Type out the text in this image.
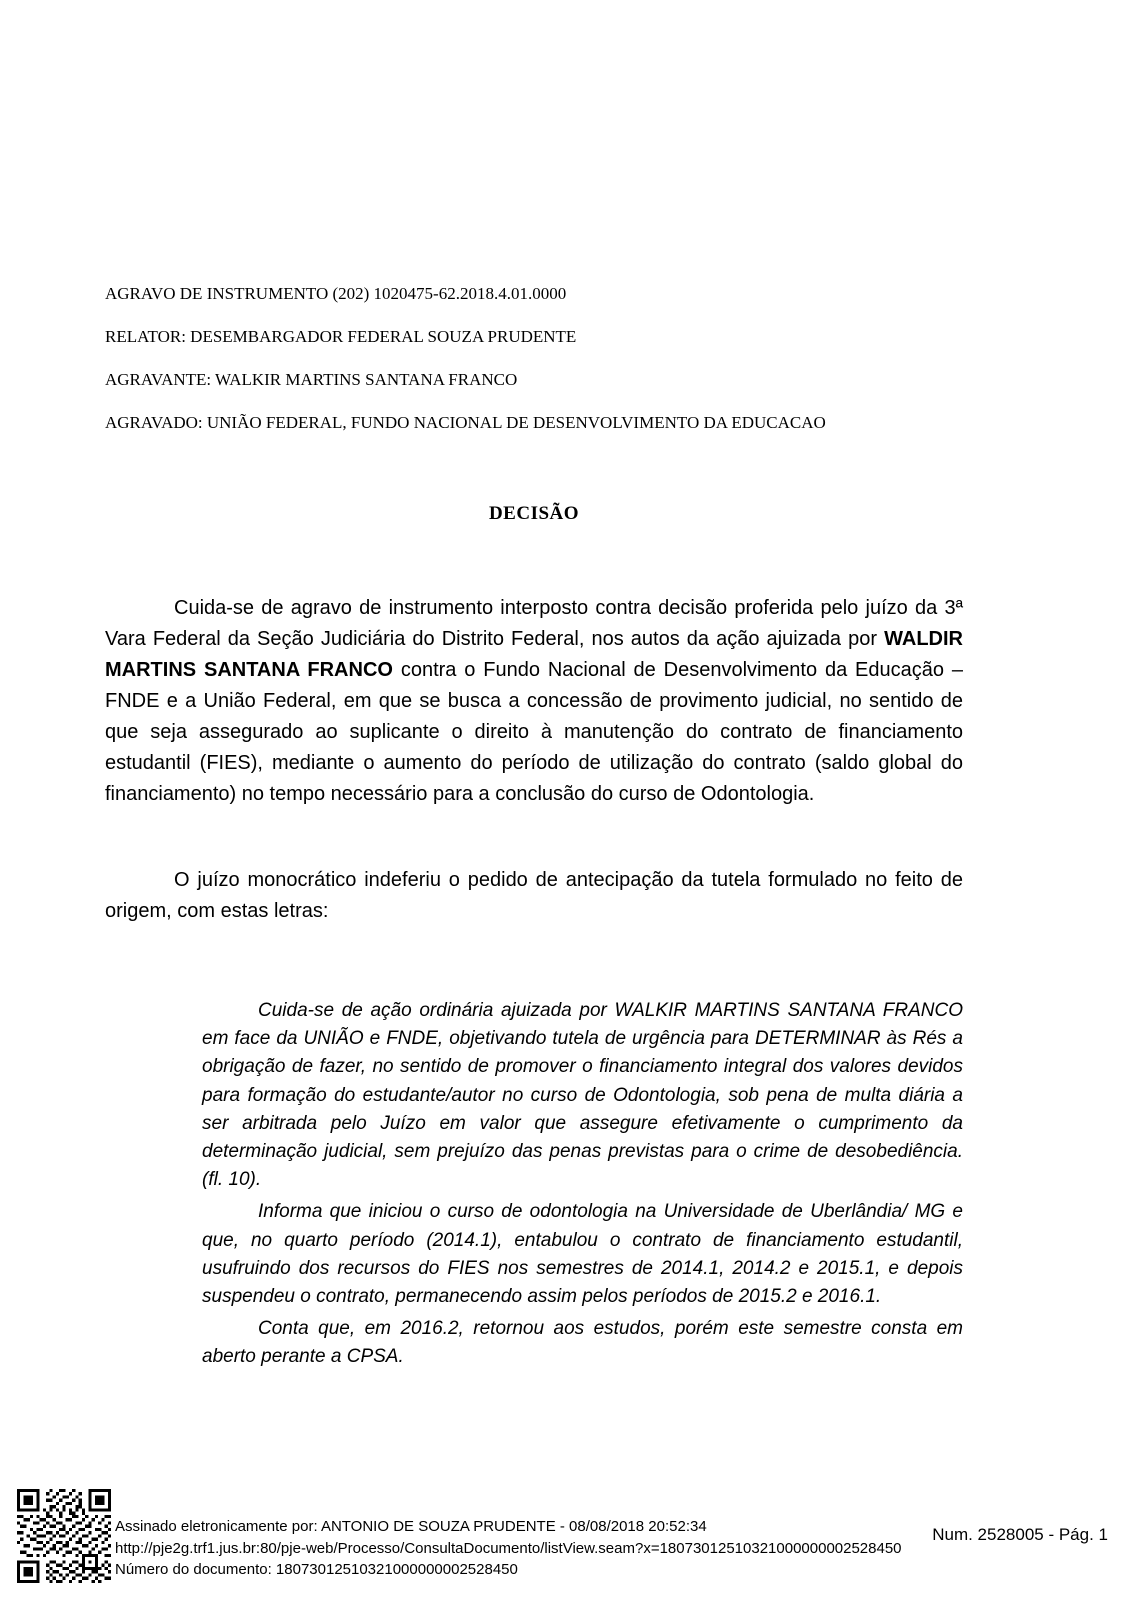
AGRAVO DE INSTRUMENTO (202) 1020475-62.2018.4.01.0000
RELATOR: DESEMBARGADOR FEDERAL SOUZA PRUDENTE
AGRAVANTE: WALKIR MARTINS SANTANA FRANCO
AGRAVADO: UNIÃO FEDERAL, FUNDO NACIONAL DE DESENVOLVIMENTO DA EDUCACAO
DECISÃO

Cuida-se de agravo de instrumento interposto contra decisão proferida pelo juízo da 3ª Vara Federal da Seção Judiciária do Distrito Federal, nos autos da ação ajuizada por WALDIR MARTINS SANTANA FRANCO contra o Fundo Nacional de Desenvolvimento da Educação – FNDE e a União Federal, em que se busca a concessão de provimento judicial, no sentido de que seja assegurado ao suplicante o direito à manutenção do contrato de financiamento estudantil (FIES), mediante o aumento do período de utilização do contrato (saldo global do financiamento) no tempo necessário para a conclusão do curso de Odontologia.

O juízo monocrático indeferiu o pedido de antecipação da tutela formulado no feito de origem, com estas letras:

Cuida-se de ação ordinária ajuizada por WALKIR MARTINS SANTANA FRANCO em face da UNIÃO e FNDE, objetivando tutela de urgência para DETERMINAR às Rés a obrigação de fazer, no sentido de promover o financiamento integral dos valores devidos para formação do estudante/autor no curso de Odontologia, sob pena de multa diária a ser arbitrada pelo Juízo em valor que assegure efetivamente o cumprimento da determinação judicial, sem prejuízo das penas previstas para o crime de desobediência. (fl. 10).

Informa que iniciou o curso de odontologia na Universidade de Uberlândia/ MG e que, no quarto período (2014.1), entabulou o contrato de financiamento estudantil, usufruindo dos recursos do FIES nos semestres de 2014.1, 2014.2 e 2015.1, e depois suspendeu o contrato, permanecendo assim pelos períodos de 2015.2 e 2016.1.

Conta que, em 2016.2, retornou aos estudos, porém este semestre consta em aberto perante a CPSA.

Assinado eletronicamente por: ANTONIO DE SOUZA PRUDENTE - 08/08/2018 20:52:34
http://pje2g.trf1.jus.br:80/pje-web/Processo/ConsultaDocumento/listView.seam?x=18073012510321000000002528450
Número do documento: 18073012510321000000002528450
Num. 2528005 - Pág. 1
